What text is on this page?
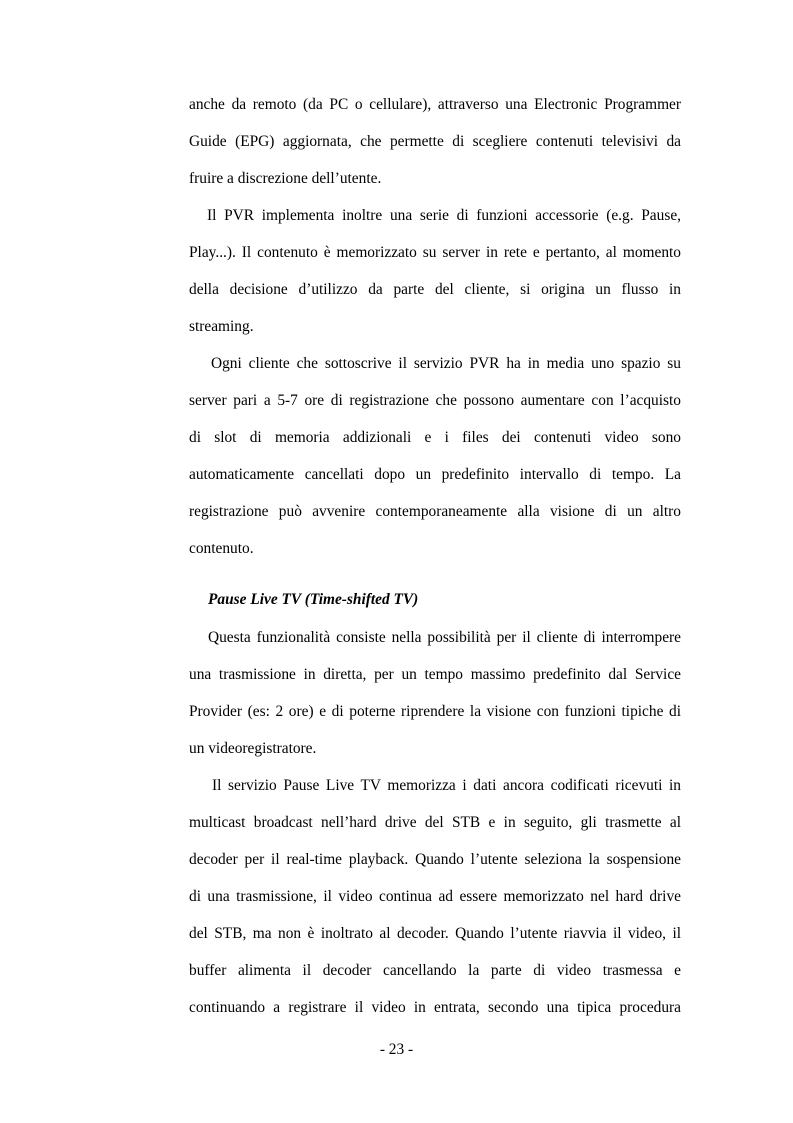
anche da remoto (da PC o cellulare), attraverso una Electronic Programmer
Guide (EPG) aggiornata, che permette di scegliere contenuti televisivi da
fruire a discrezione dell’utente.
Il PVR implementa inoltre una serie di funzioni accessorie (e.g. Pause,
Play...). Il contenuto è memorizzato su server in rete e pertanto, al momento
della decisione d’utilizzo da parte del cliente, si origina un flusso in
streaming.
Ogni cliente che sottoscrive il servizio PVR ha in media uno spazio su
server pari a 5-7 ore di registrazione che possono aumentare con l’acquisto
di slot di memoria addizionali e i files dei contenuti video sono
automaticamente cancellati dopo un predefinito intervallo di tempo. La
registrazione può avvenire contemporaneamente alla visione di un altro
contenuto.
Pause Live TV (Time-shifted TV)
Questa funzionalità consiste nella possibilità per il cliente di interrompere
una trasmissione in diretta, per un tempo massimo predefinito dal Service
Provider (es: 2 ore) e di poterne riprendere la visione con funzioni tipiche di
un videoregistratore.
Il servizio Pause Live TV memorizza i dati ancora codificati ricevuti in
multicast broadcast nell’hard drive del STB e in seguito, gli trasmette al
decoder per il real-time playback. Quando l’utente seleziona la sospensione
di una trasmissione, il video continua ad essere memorizzato nel hard drive
del STB, ma non è inoltrato al decoder. Quando l’utente riavvia il video, il
buffer alimenta il decoder cancellando la parte di video trasmessa e
continuando a registrare il video in entrata, secondo una tipica procedura
- 23 -
